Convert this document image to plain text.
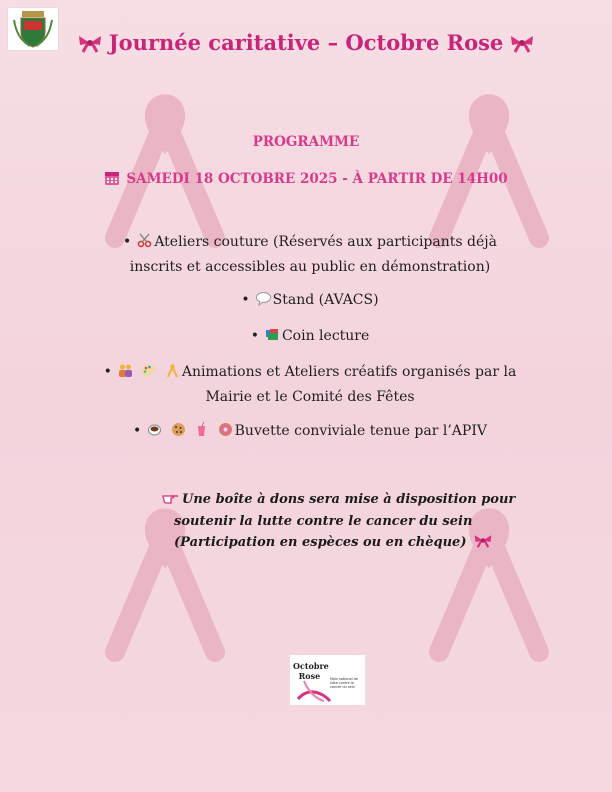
Journée caritative – Octobre Rose
PROGRAMME
SAMEDI 18 OCTOBRE 2025 - À PARTIR DE 14H00
• Ateliers couture (Réservés aux participants déjà
inscrits et accessibles au public en démonstration)
• Stand (AVACS)
• Coin lecture
•

	Animations et Ateliers créatifs organisés par la
Mairie et le Comité des Fêtes
•

	Buvette conviviale tenue par l’APIV
Une boîte à dons sera mise à disposition pour
soutenir la lutte contre le cancer du sein
(Participation en espèces ou en chèque)
Octobre
Rose	Mois national de lutte contre le cancer du sein
